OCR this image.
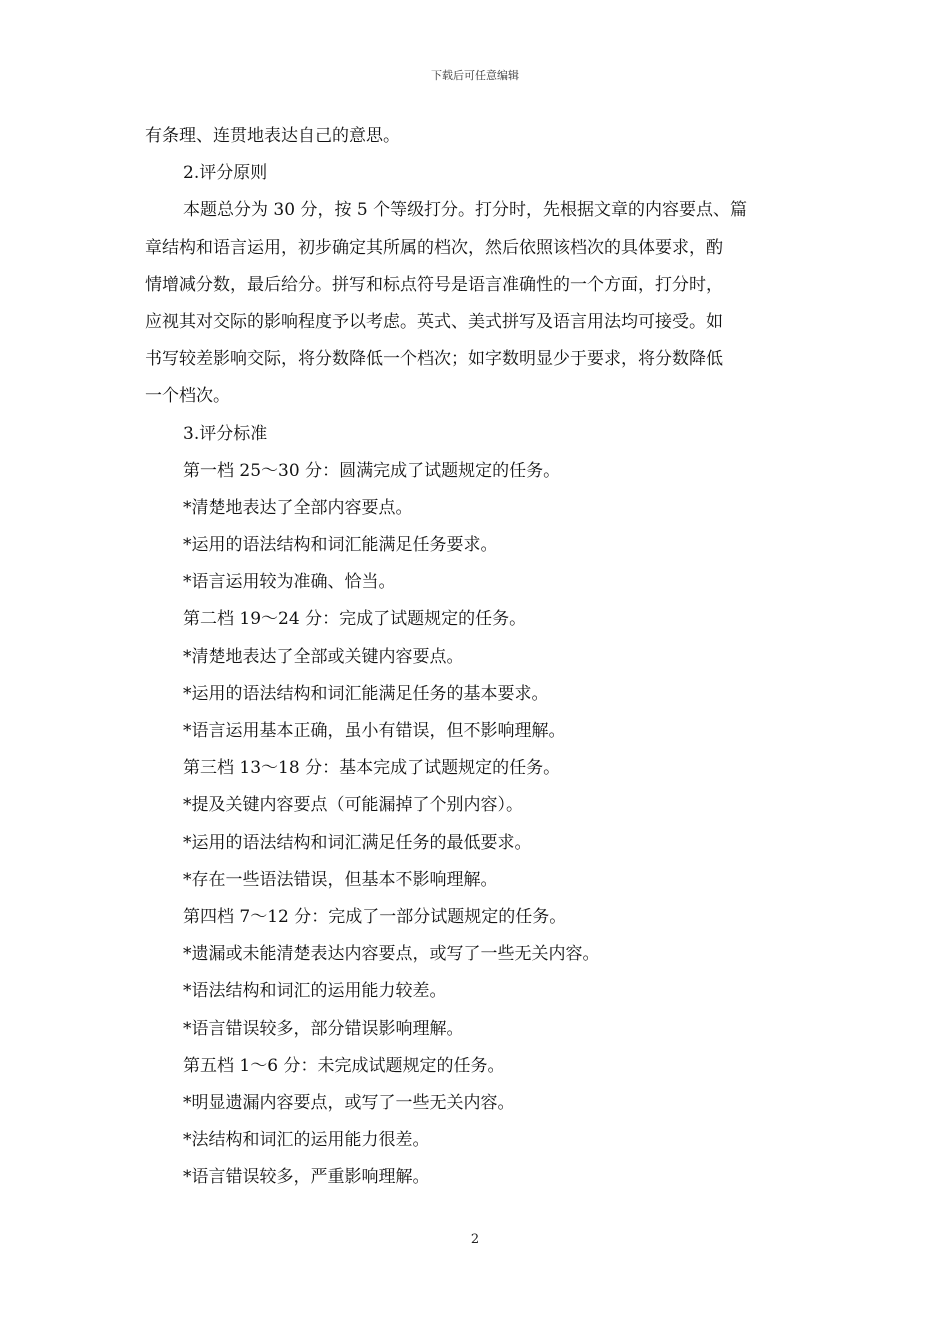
下载后可任意编辑
有条理、连贯地表达自己的意思。
2.评分原则
本题总分为 30 分，按 5 个等级打分。打分时，先根据文章的内容要点、篇
章结构和语言运用，初步确定其所属的档次，然后依照该档次的具体要求，酌
情增减分数，最后给分。拼写和标点符号是语言准确性的一个方面，打分时，
应视其对交际的影响程度予以考虑。英式、美式拼写及语言用法均可接受。如
书写较差影响交际，将分数降低一个档次；如字数明显少于要求，将分数降低
一个档次。
3.评分标准
第一档 25～30 分：圆满完成了试题规定的任务。
*清楚地表达了全部内容要点。
*运用的语法结构和词汇能满足任务要求。
*语言运用较为准确、恰当。
第二档 19～24 分：完成了试题规定的任务。
*清楚地表达了全部或关键内容要点。
*运用的语法结构和词汇能满足任务的基本要求。
*语言运用基本正确，虽小有错误，但不影响理解。
第三档 13～18 分：基本完成了试题规定的任务。
*提及关键内容要点（可能漏掉了个别内容）。
*运用的语法结构和词汇满足任务的最低要求。
*存在一些语法错误，但基本不影响理解。
第四档 7～12 分：完成了一部分试题规定的任务。
*遗漏或未能清楚表达内容要点，或写了一些无关内容。
*语法结构和词汇的运用能力较差。
*语言错误较多，部分错误影响理解。
第五档 1～6 分：未完成试题规定的任务。
*明显遗漏内容要点，或写了一些无关内容。
*法结构和词汇的运用能力很差。
*语言错误较多，严重影响理解。
2
